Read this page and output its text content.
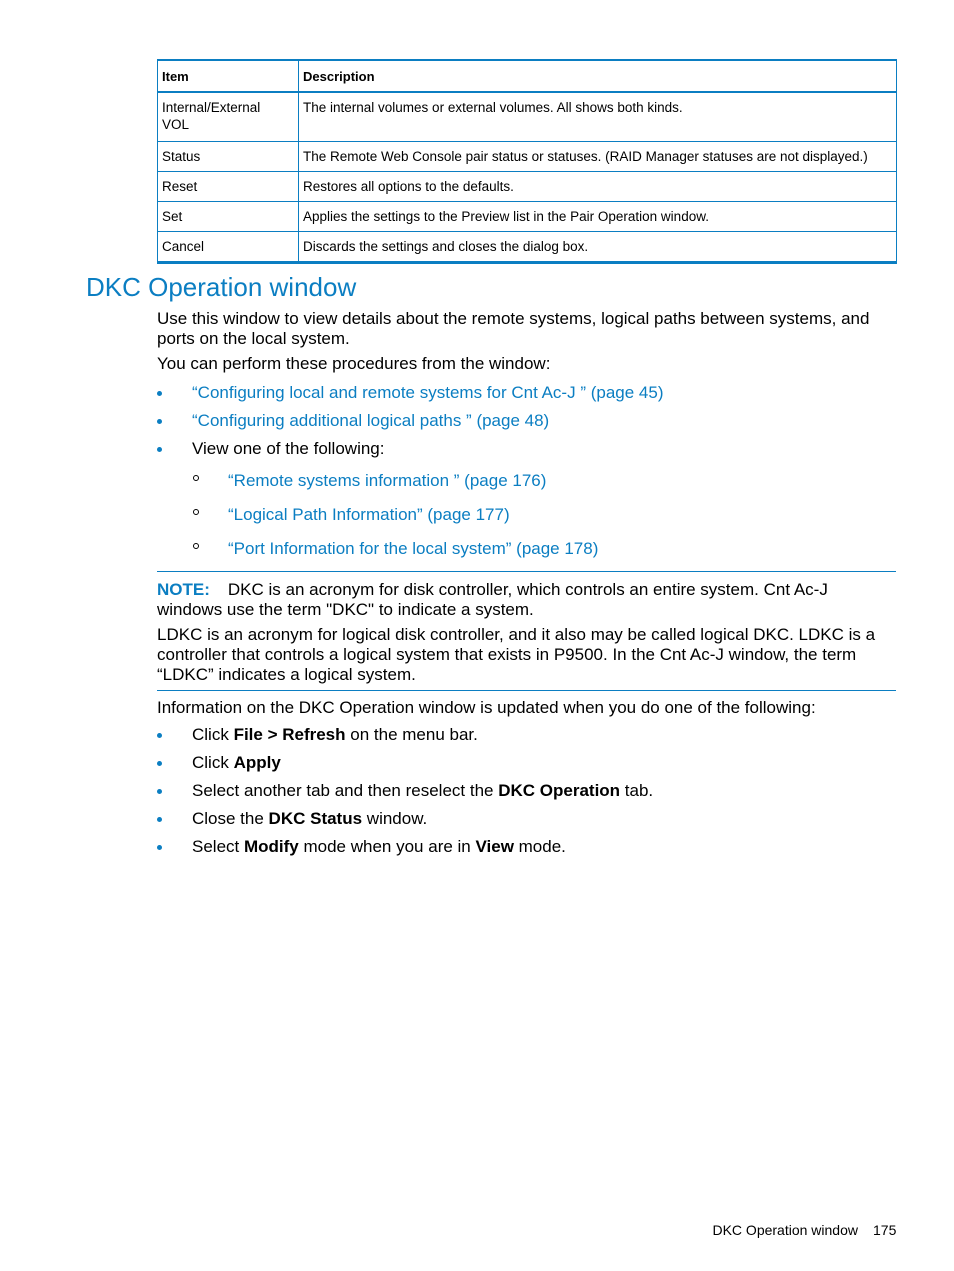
Item	Description
Internal/External VOL	The internal volumes or external volumes. All shows both kinds.
Status	The Remote Web Console pair status or statuses. (RAID Manager statuses are not displayed.)
Reset	Restores all options to the defaults.
Set	Applies the settings to the Preview list in the Pair Operation window.
Cancel	Discards the settings and closes the dialog box.
DKC Operation window

Use this window to view details about the remote systems, logical paths between systems, and ports on the local system.

You can perform these procedures from the window:

“Configuring local and remote systems for Cnt Ac-J ” (page 45)
“Configuring additional logical paths ” (page 48)
View one of the following:
“Remote systems information ” (page 176)
“Logical Path Information” (page 177)
“Port Information for the local system” (page 178)

NOTE: DKC is an acronym for disk controller, which controls an entire system. Cnt Ac-J windows use the term "DKC" to indicate a system.

LDKC is an acronym for logical disk controller, and it also may be called logical DKC. LDKC is a controller that controls a logical system that exists in P9500. In the Cnt Ac-J window, the term “LDKC” indicates a logical system.

Information on the DKC Operation window is updated when you do one of the following:

Click File > Refresh on the menu bar.
Click Apply
Select another tab and then reselect the DKC Operation tab.
Close the DKC Status window.
Select Modify mode when you are in View mode.
DKC Operation window 175
